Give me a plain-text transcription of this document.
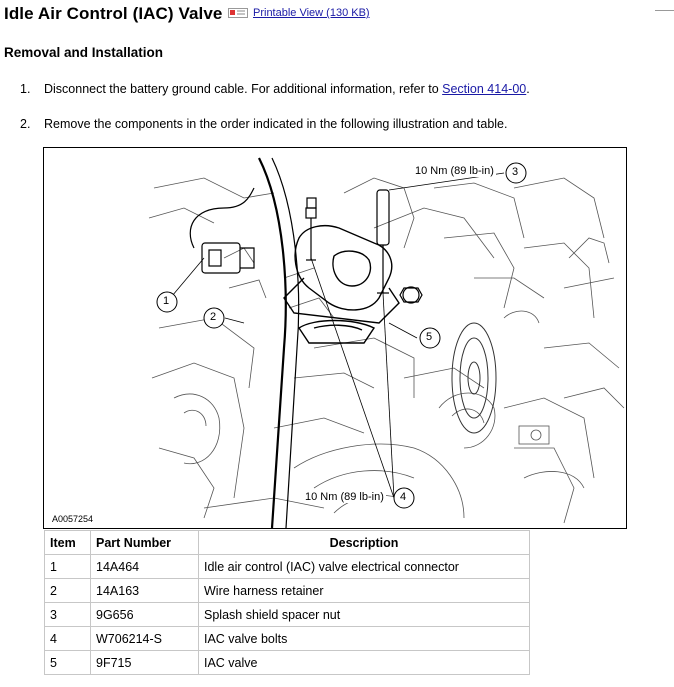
Idle Air Control (IAC) Valve	Printable View (130 KB)
Removal and Installation
1.	Disconnect the battery ground cable. For additional information, refer to Section 414-00.
2.	Remove the components in the order indicated in the following illustration and table.
1
2
3
4
5
10 Nm (89 lb-in)
10 Nm (89 lb-in)
A0057254
Item	Part Number	Description
1	14A464	Idle air control (IAC) valve electrical connector
2	14A163	Wire harness retainer
3	9G656	Splash shield spacer nut
4	W706214-S	IAC valve bolts
5	9F715	IAC valve
